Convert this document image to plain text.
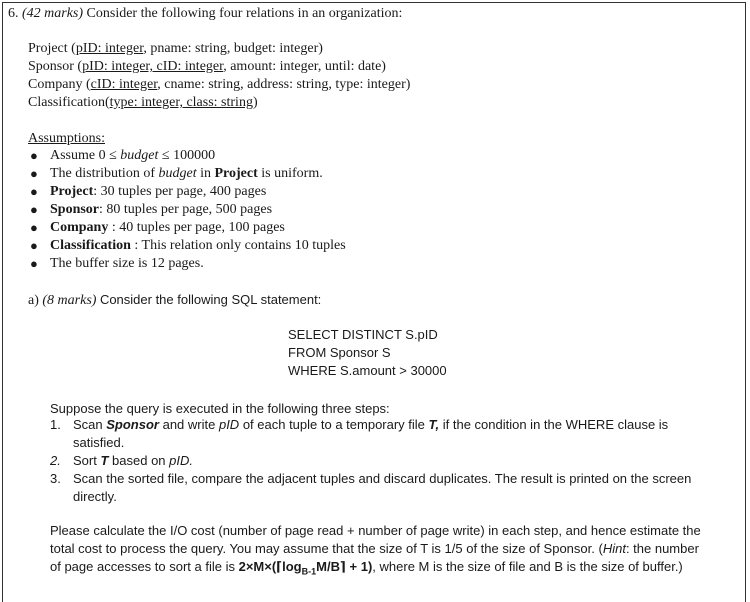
6. (42 marks) Consider the following four relations in an organization:
Project (pID: integer, pname: string, budget: integer)
Sponsor (pID: integer, cID: integer, amount: integer, until: date)
Company (cID: integer, cname: string, address: string, type: integer)
Classification(type: integer, class: string)
Assumptions:
● Assume 0 ≤ budget ≤ 100000
● The distribution of budget in Project is uniform.
● Project: 30 tuples per page, 400 pages
● Sponsor: 80 tuples per page, 500 pages
● Company : 40 tuples per page, 100 pages
● Classification : This relation only contains 10 tuples
● The buffer size is 12 pages.
a) (8 marks) Consider the following SQL statement:
SELECT DISTINCT S.pID
FROM Sponsor S
WHERE S.amount > 30000
Suppose the query is executed in the following three steps:
1. Scan Sponsor and write pID of each tuple to a temporary file T, if the condition in the WHERE clause is
satisfied.
2. Sort T based on pID.
3. Scan the sorted file, compare the adjacent tuples and discard duplicates. The result is printed on the screen
directly.
Please calculate the I/O cost (number of page read + number of page write) in each step, and hence estimate the
total cost to process the query. You may assume that the size of T is 1/5 of the size of Sponsor. (Hint: the number
of page accesses to sort a file is $2\times M\times(⌈\log_{B-1}M/B⌉ + 1)$, where M is the size of file and B is the size of buffer.)
